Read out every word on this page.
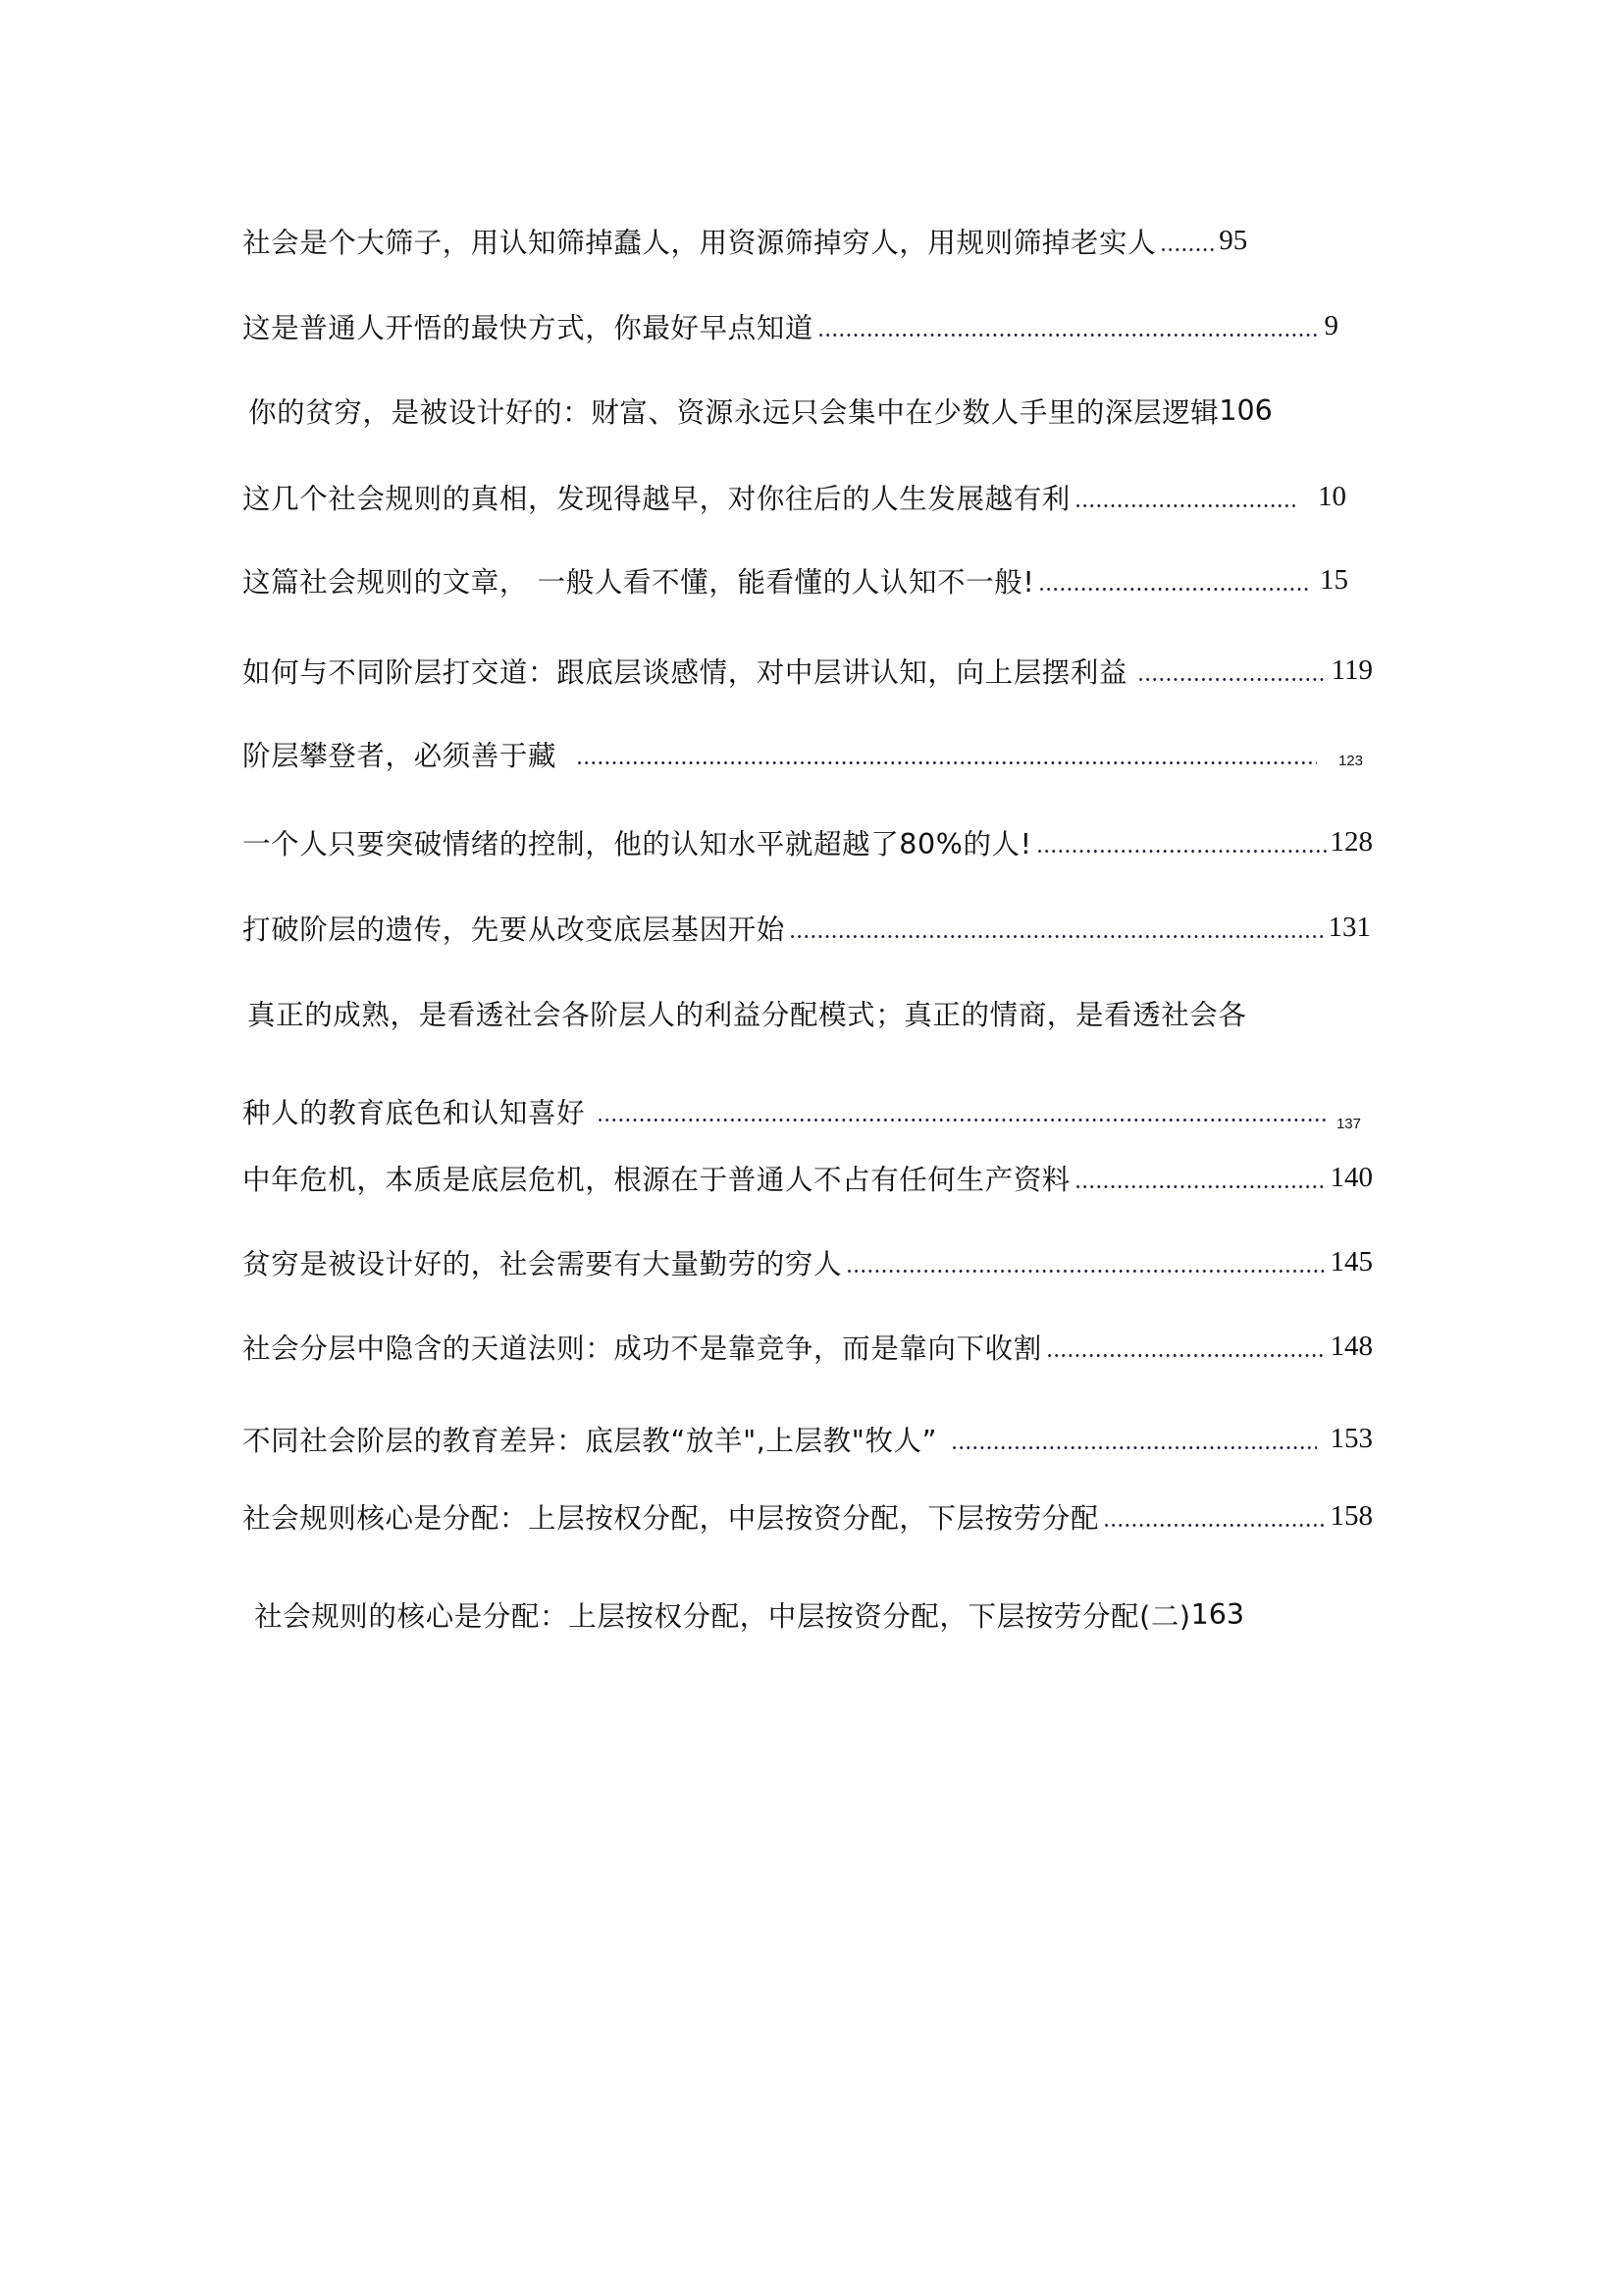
社会是个大筛子，用认知筛掉蠢人，用资源筛掉穷人，用规则筛掉老实人 95
这是普通人开悟的最快方式，你最好早点知道	9
你的贫穷，是被设计好的：财富、资源永远只会集中在少数人手里的深层逻辑 106
这几个社会规则的真相，发现得越早，对你往后的人生发展越有利	10
这篇社会规则的文章， 一般人看不懂，能看懂的人认知不一般!	15
如何与不同阶层打交道：跟底层谈感情，对中层讲认知，向上层摆利益	119
阶层攀登者，必须善于藏	123
一个人只要突破情绪的控制，他的认知水平就超越了80%的人!	128
打破阶层的遗传，先要从改变底层基因开始	131
真正的成熟，是看透社会各阶层人的利益分配模式；真正的情商，是看透社会各
种人的教育底色和认知喜好	137
中年危机，本质是底层危机，根源在于普通人不占有任何生产资料	140
贫穷是被设计好的，社会需要有大量勤劳的穷人	145
社会分层中隐含的天道法则：成功不是靠竞争，而是靠向下收割	148
不同社会阶层的教育差异：底层教“放羊",上层教"牧人”	153
社会规则核心是分配：上层按权分配，中层按资分配，下层按劳分配	158
社会规则的核心是分配：上层按权分配，中层按资分配，下层按劳分配(二) 163
